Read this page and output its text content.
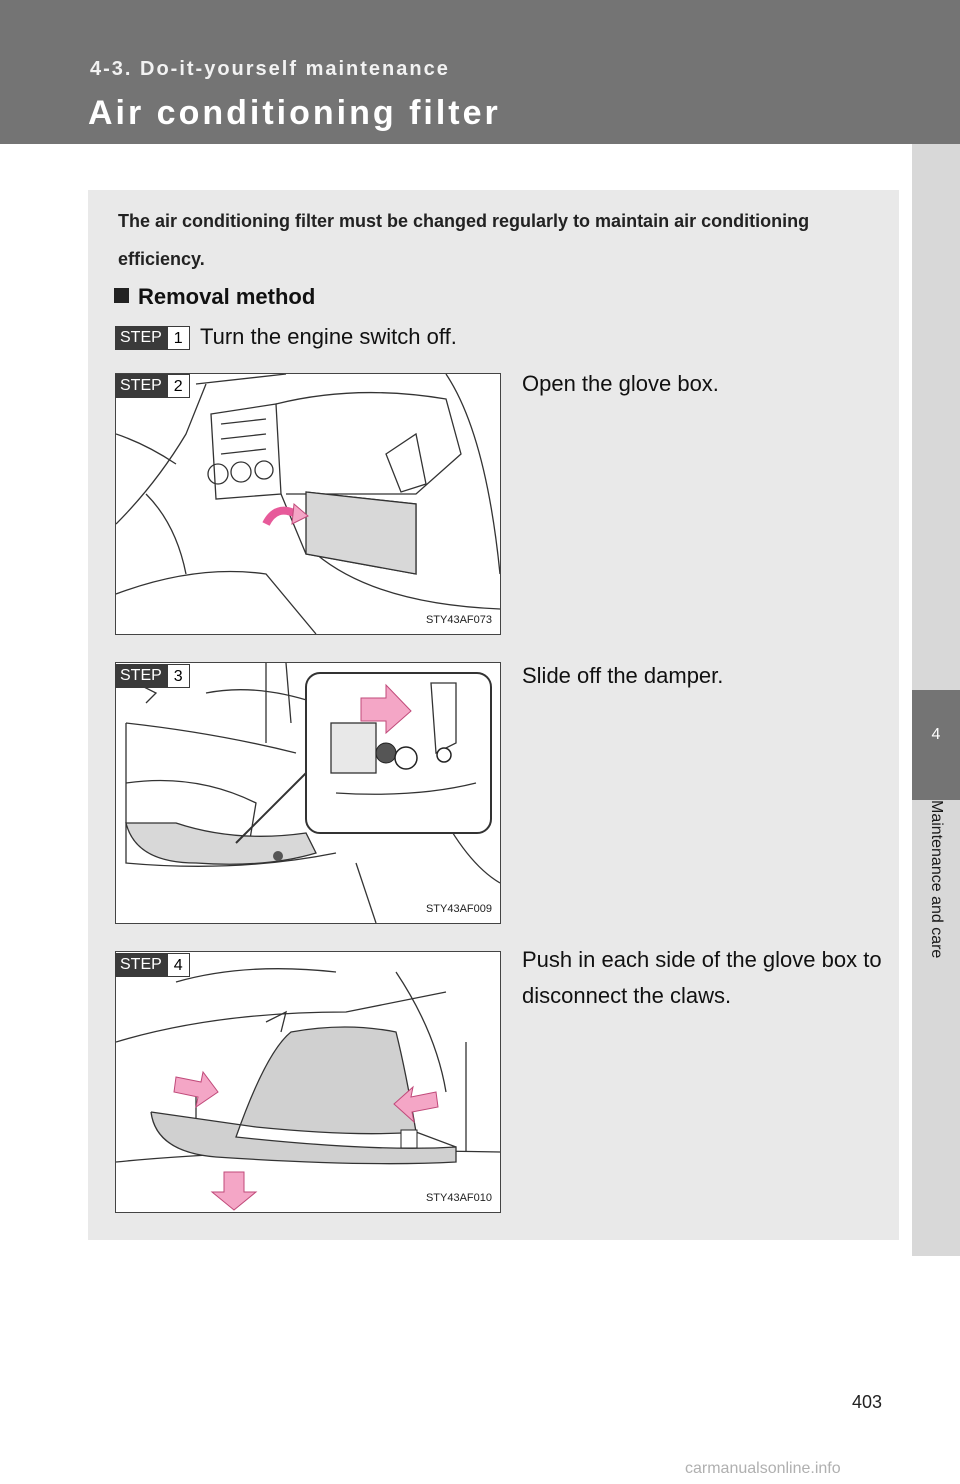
4-3. Do-it-yourself maintenance
Air conditioning filter
4
Maintenance and care
The air conditioning filter must be changed regularly to maintain air conditioning efficiency.
Removal method
STEP 1 Turn the engine switch off.
STY43AF073
STEP 2	Open the glove box.
STY43AF009
STEP 3	Slide off the damper.
STY43AF010
STEP 4	Push in each side of the glove box to disconnect the claws.
403
carmanualsonline.info
